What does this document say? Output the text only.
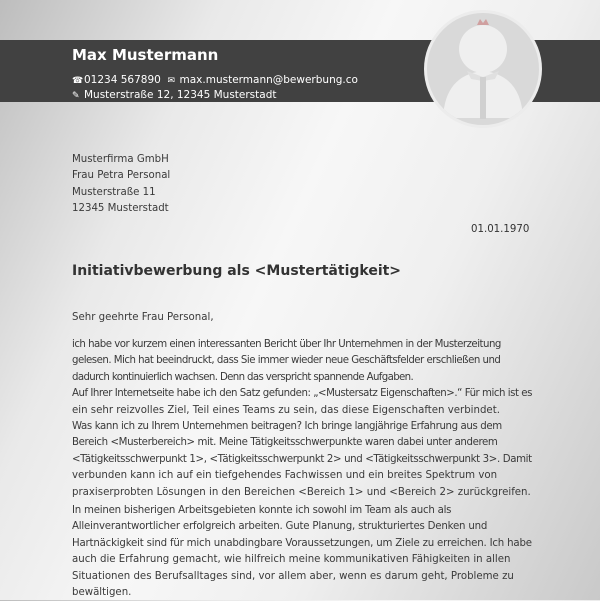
Max Mustermann
☎01234 567890 ✉ max.mustermann@bewerbung.co
✎ Musterstraße 12, 12345 Musterstadt
Musterfirma GmbH
Frau Petra Personal
Musterstraße 11
12345 Musterstadt
01.01.1970
Initiativbewerbung als <Mustertätigkeit>
Sehr geehrte Frau Personal,
ich habe vor kurzem einen interessanten Bericht über Ihr Unternehmen in der Musterzeitung
gelesen. Mich hat beeindruckt, dass Sie immer wieder neue Geschäftsfelder erschließen und
dadurch kontinuierlich wachsen. Denn das verspricht spannende Aufgaben.
Auf Ihrer Internetseite habe ich den Satz gefunden: „<Mustersatz Eigenschaften>.“ Für mich ist es
ein sehr reizvolles Ziel, Teil eines Teams zu sein, das diese Eigenschaften verbindet.
Was kann ich zu Ihrem Unternehmen beitragen? Ich bringe langjährige Erfahrung aus dem
Bereich <Musterbereich> mit. Meine Tätigkeitsschwerpunkte waren dabei unter anderem
<Tätigkeitsschwerpunkt 1>, <Tätigkeitsschwerpunkt 2> und <Tätigkeitsschwerpunkt 3>. Damit
verbunden kann ich auf ein tiefgehendes Fachwissen und ein breites Spektrum von
praxiserprobten Lösungen in den Bereichen <Bereich 1> und <Bereich 2> zurückgreifen.
In meinen bisherigen Arbeitsgebieten konnte ich sowohl im Team als auch als
Alleinverantwortlicher erfolgreich arbeiten. Gute Planung, strukturiertes Denken und
Hartnäckigkeit sind für mich unabdingbare Voraussetzungen, um Ziele zu erreichen. Ich habe
auch die Erfahrung gemacht, wie hilfreich meine kommunikativen Fähigkeiten in allen
Situationen des Berufsalltages sind, vor allem aber, wenn es darum geht, Probleme zu
bewältigen.
